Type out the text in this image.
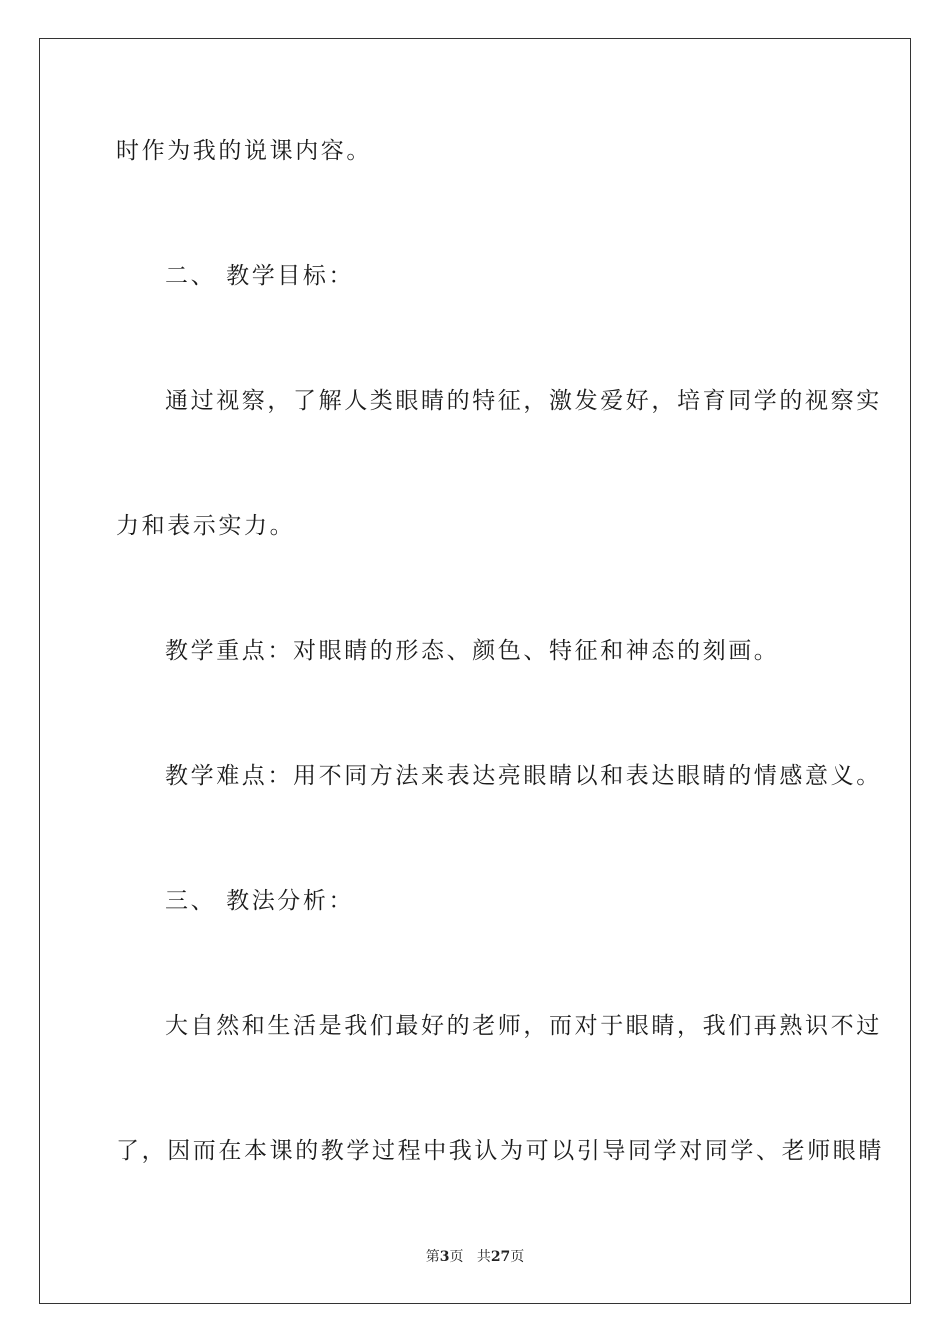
时作为我的说课内容。
二、 教学目标：
通过视察，了解人类眼睛的特征，激发爱好，培育同学的视察实
力和表示实力。
教学重点：对眼睛的形态、颜色、特征和神态的刻画。
教学难点：用不同方法来表达亮眼睛以和表达眼睛的情感意义。
三、 教法分析：
大自然和生活是我们最好的老师，而对于眼睛，我们再熟识不过
了，因而在本课的教学过程中我认为可以引导同学对同学、老师眼睛
第3页 共27页
